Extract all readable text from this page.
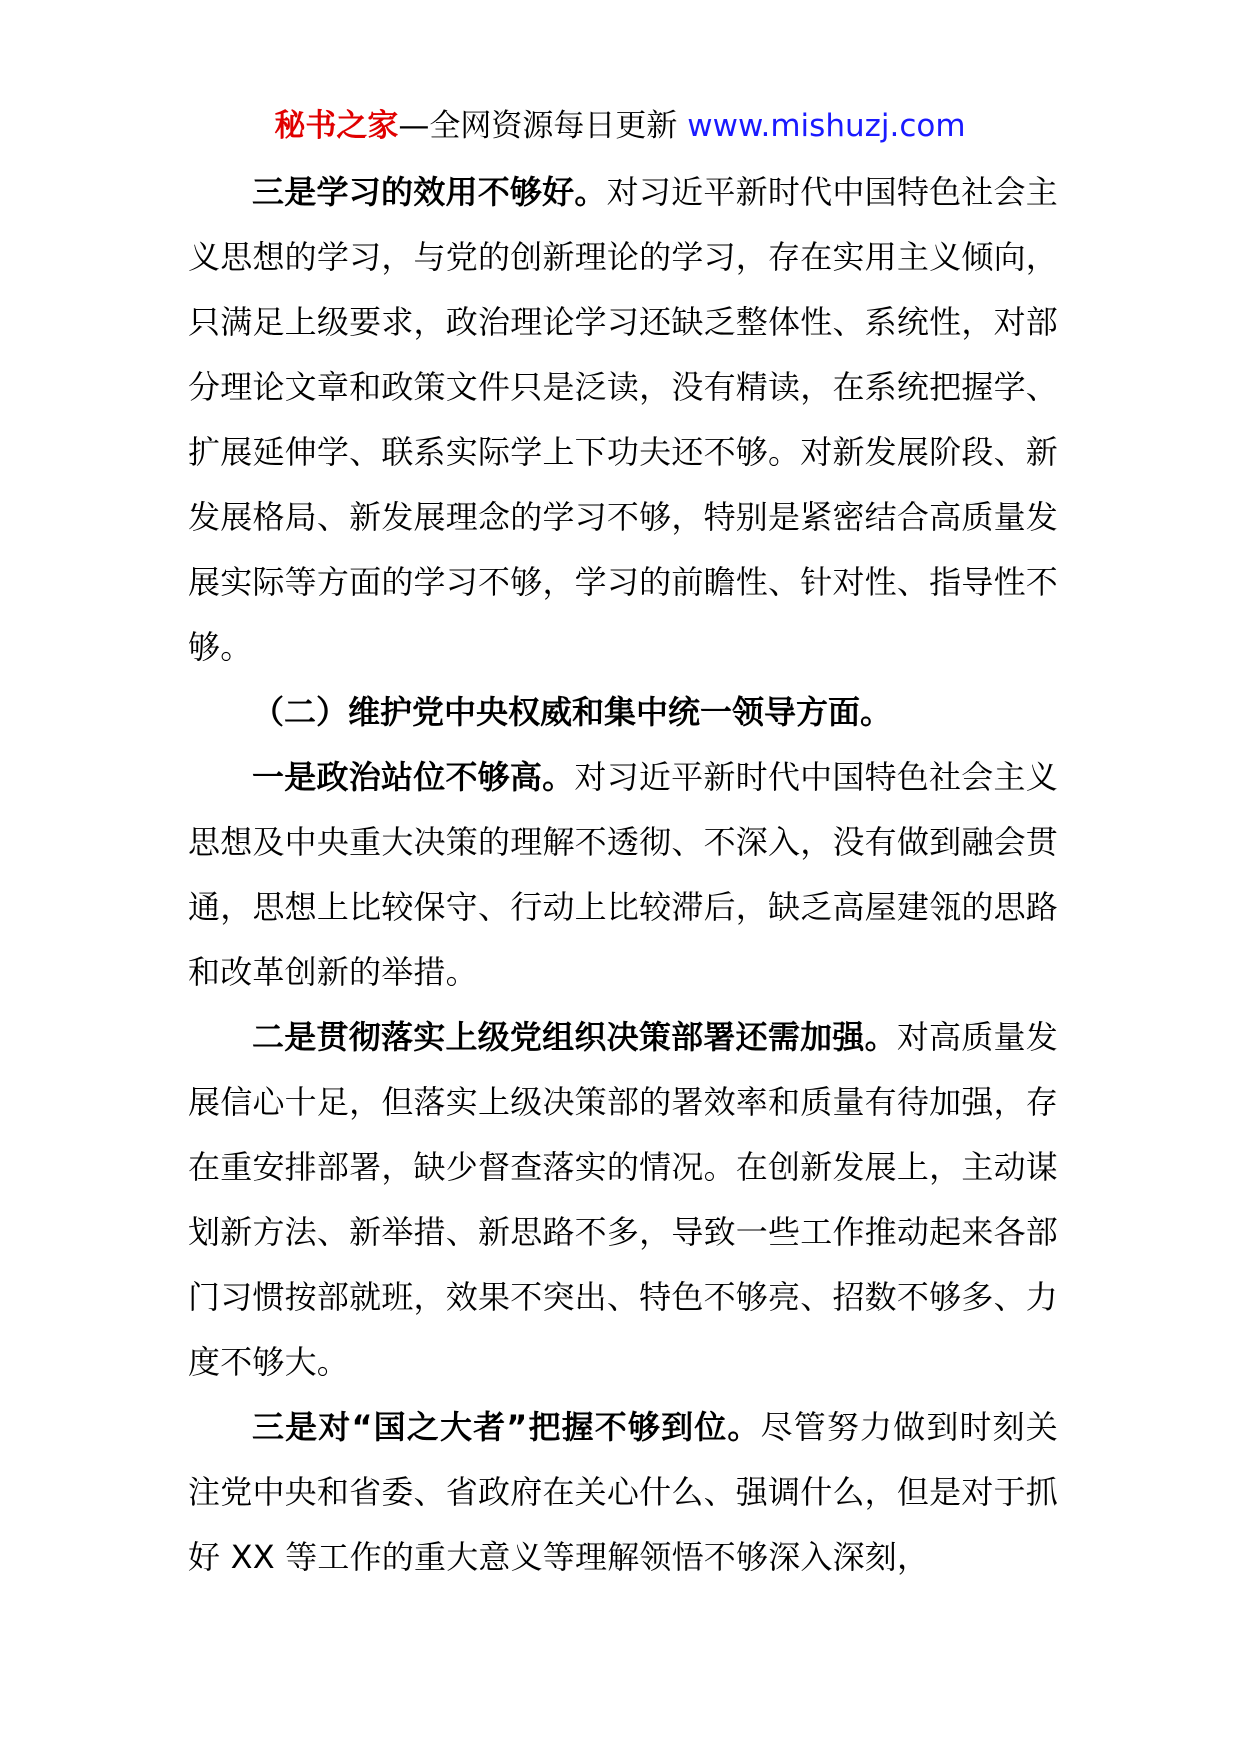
秘书之家—全网资源每日更新 www.mishuzj.com

三是学习的效用不够好。对习近平新时代中国特色社会主义思想的学习，与党的创新理论的学习，存在实用主义倾向，只满足上级要求，政治理论学习还缺乏整体性、系统性，对部分理论文章和政策文件只是泛读，没有精读，在系统把握学、扩展延伸学、联系实际学上下功夫还不够。对新发展阶段、新发展格局、新发展理念的学习不够，特别是紧密结合高质量发展实际等方面的学习不够，学习的前瞻性、针对性、指导性不够。

（二）维护党中央权威和集中统一领导方面。

一是政治站位不够高。对习近平新时代中国特色社会主义思想及中央重大决策的理解不透彻、不深入，没有做到融会贯通，思想上比较保守、行动上比较滞后，缺乏高屋建瓴的思路和改革创新的举措。

二是贯彻落实上级党组织决策部署还需加强。对高质量发展信心十足，但落实上级决策部的署效率和质量有待加强，存在重安排部署，缺少督查落实的情况。在创新发展上，主动谋划新方法、新举措、新思路不多，导致一些工作推动起来各部门习惯按部就班，效果不突出、特色不够亮、招数不够多、力度不够大。

三是对“国之大者”把握不够到位。尽管努力做到时刻关注党中央和省委、省政府在关心什么、强调什么，但是对于抓好 XX 等工作的重大意义等理解领悟不够深入深刻，
